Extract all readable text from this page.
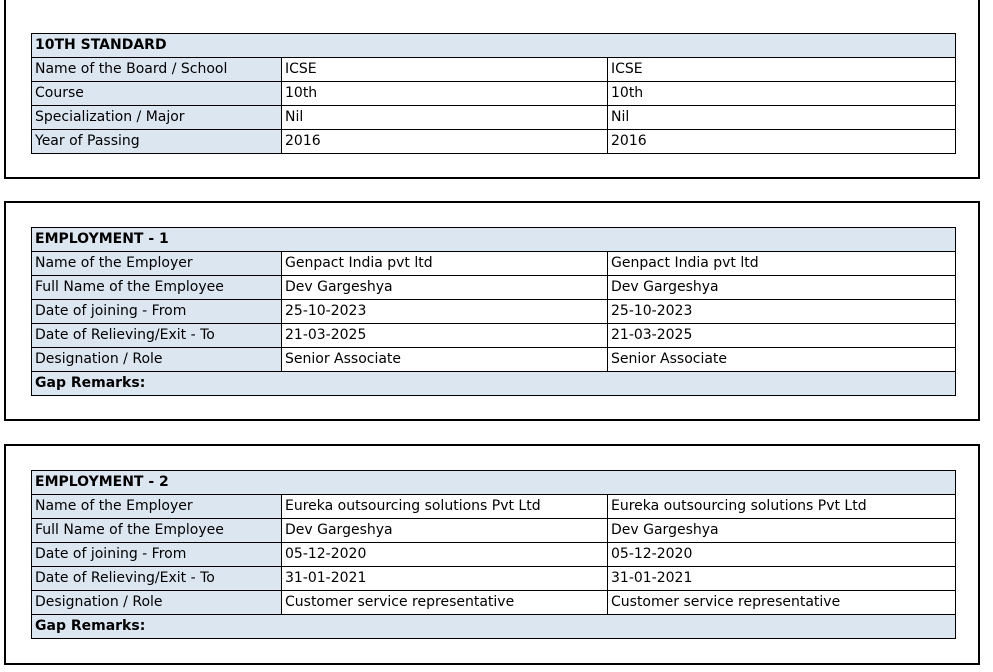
10TH STANDARD		
Name of the Board / School	ICSE	ICSE
Course	10th	10th
Specialization / Major	Nil	Nil
Year of Passing	2016	2016
EMPLOYMENT - 1		
Name of the Employer	Genpact India pvt ltd	Genpact India pvt ltd
Full Name of the Employee	Dev Gargeshya	Dev Gargeshya
Date of joining - From	25-10-2023	25-10-2023
Date of Relieving/Exit - To	21-03-2025	21-03-2025
Designation / Role	Senior Associate	Senior Associate
Gap Remarks:		
EMPLOYMENT - 2		
Name of the Employer	Eureka outsourcing solutions Pvt Ltd	Eureka outsourcing solutions Pvt Ltd
Full Name of the Employee	Dev Gargeshya	Dev Gargeshya
Date of joining - From	05-12-2020	05-12-2020
Date of Relieving/Exit - To	31-01-2021	31-01-2021
Designation / Role	Customer service representative	Customer service representative
Gap Remarks:		
